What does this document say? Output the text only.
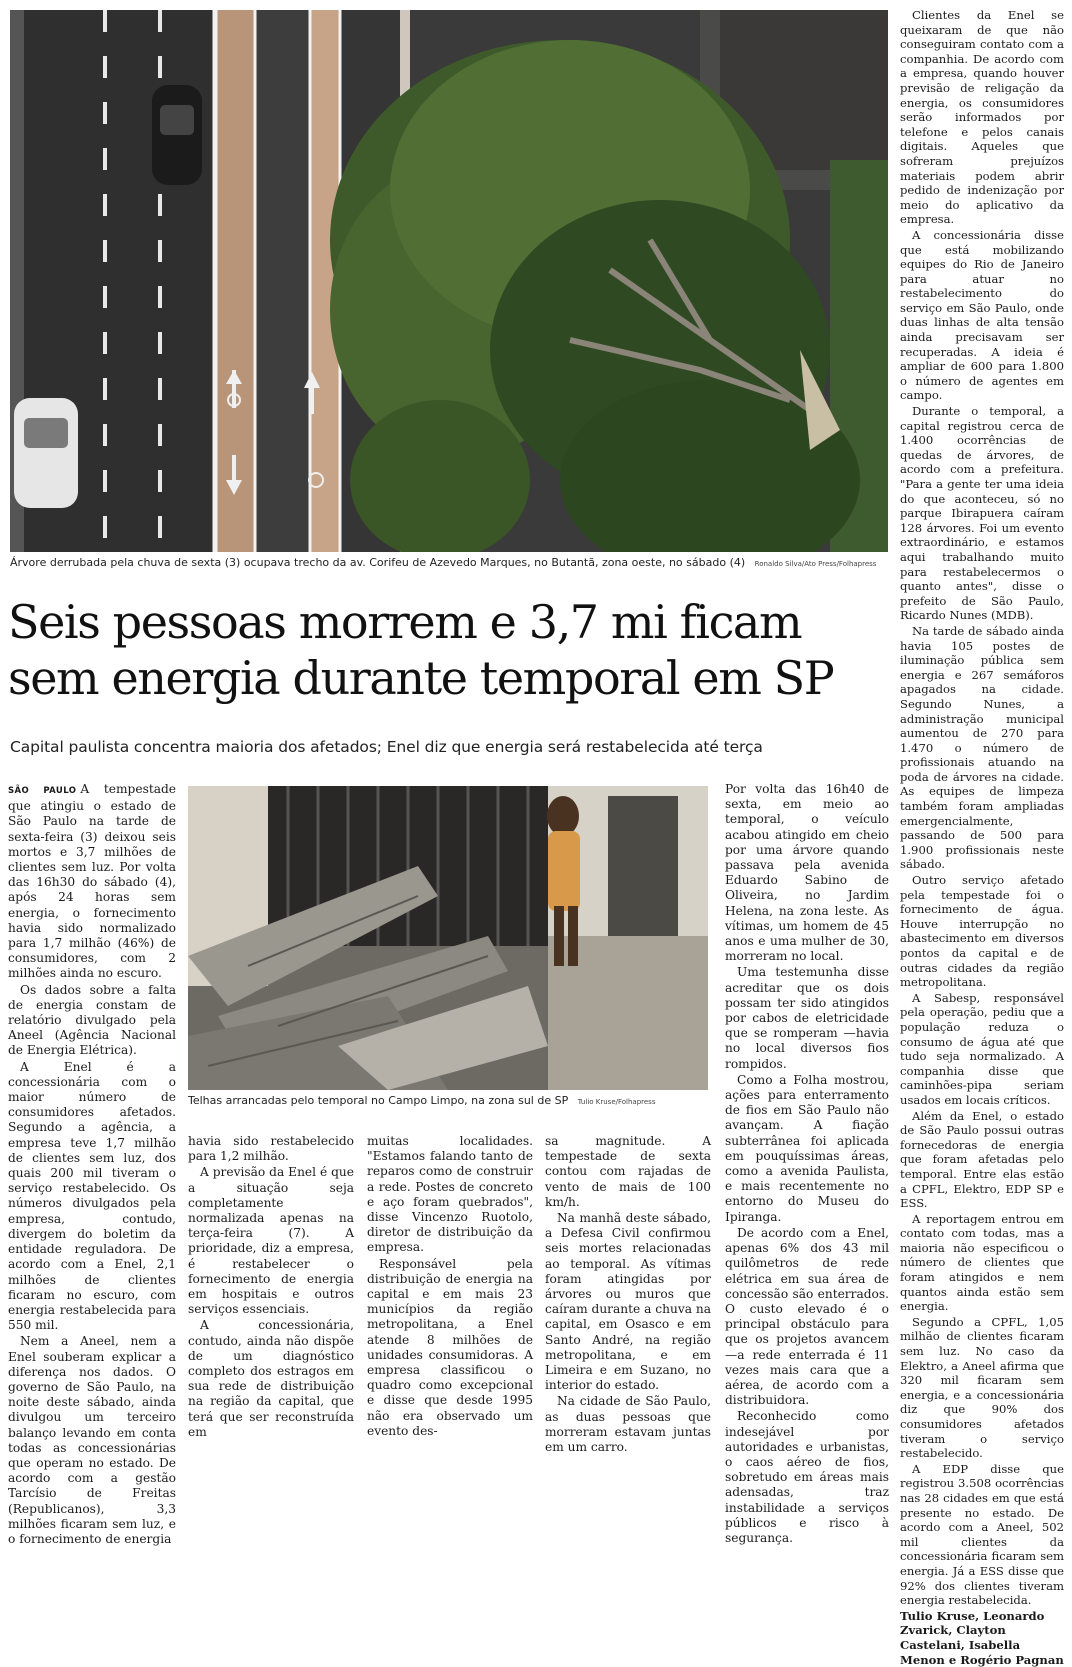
Árvore derrubada pela chuva de sexta (3) ocupava trecho da av. Corifeu de Azevedo Marques, no Butantã, zona oeste, no sábado (4) Ronaldo Silva/Ato Press/Folhapress

Clientes da Enel se queixaram de que não conseguiram contato com a companhia. De acordo com a empresa, quando houver previsão de religação da energia, os consumidores serão informados por telefone e pelos canais digitais. Aqueles que sofreram prejuízos materiais podem abrir pedido de indenização por meio do aplicativo da empresa.

A concessionária disse que está mobilizando equipes do Rio de Janeiro para atuar no restabelecimento do serviço em São Paulo, onde duas linhas de alta tensão ainda precisavam ser recuperadas. A ideia é ampliar de 600 para 1.800 o número de agentes em campo.

Durante o temporal, a capital registrou cerca de 1.400 ocorrências de quedas de árvores, de acordo com a prefeitura. "Para a gente ter uma ideia do que aconteceu, só no parque Ibirapuera caíram 128 árvores. Foi um evento extraordinário, e estamos aqui trabalhando muito para restabelecermos o quanto antes", disse o prefeito de São Paulo, Ricardo Nunes (MDB).

Na tarde de sábado ainda havia 105 postes de iluminação pública sem energia e 267 semáforos apagados na cidade. Segundo Nunes, a administração municipal aumentou de 270 para 1.470 o número de profissionais atuando na poda de árvores na cidade. As equipes de limpeza também foram ampliadas emergencialmente, passando de 500 para 1.900 profissionais neste sábado.

Outro serviço afetado pela tempestade foi o fornecimento de água. Houve interrupção no abastecimento em diversos pontos da capital e de outras cidades da região metropolitana.

A Sabesp, responsável pela operação, pediu que a população reduza o consumo de água até que tudo seja normalizado. A companhia disse que caminhões-pipa seriam usados em locais críticos.

Além da Enel, o estado de São Paulo possui outras fornecedoras de energia que foram afetadas pelo temporal. Entre elas estão a CPFL, Elektro, EDP SP e ESS.

A reportagem entrou em contato com todas, mas a maioria não especificou o número de clientes que foram atingidos e nem quantos ainda estão sem energia.

Segundo a CPFL, 1,05 milhão de clientes ficaram sem luz. No caso da Elektro, a Aneel afirma que 320 mil ficaram sem energia, e a concessionária diz que 90% dos consumidores afetados tiveram o serviço restabelecido.

A EDP disse que registrou 3.508 ocorrências nas 28 cidades em que está presente no estado. De acordo com a Aneel, 502 mil clientes da concessionária ficaram sem energia. Já a ESS disse que 92% dos clientes tiveram energia restabelecida.

Tulio Kruse, Leonardo Zvarick, Clayton Castelani, Isabella Menon e Rogério Pagnan

Seis pessoas morrem e 3,7 mi ficam
sem energia durante temporal em SP
Capital paulista concentra maioria dos afetados; Enel diz que energia será restabelecida até terça

SÃO PAULO A tempestade que atingiu o estado de São Paulo na tarde de sexta-feira (3) deixou seis mortos e 3,7 milhões de clientes sem luz. Por volta das 16h30 do sábado (4), após 24 horas sem energia, o fornecimento havia sido normalizado para 1,7 milhão (46%) de consumidores, com 2 milhões ainda no escuro.

Os dados sobre a falta de energia constam de relatório divulgado pela Aneel (Agência Nacional de Energia Elétrica).

A Enel é a concessionária com o maior número de consumidores afetados. Segundo a agência, a empresa teve 1,7 milhão de clientes sem luz, dos quais 200 mil tiveram o serviço restabelecido. Os números divulgados pela empresa, contudo, divergem do boletim da entidade reguladora. De acordo com a Enel, 2,1 milhões de clientes ficaram no escuro, com energia restabelecida para 550 mil.

Nem a Aneel, nem a Enel souberam explicar a diferença nos dados. O governo de São Paulo, na noite deste sábado, ainda divulgou um terceiro balanço levando em conta todas as concessionárias que operam no estado. De acordo com a gestão Tarcísio de Freitas (Republicanos), 3,3 milhões ficaram sem luz, e o fornecimento de energia

Telhas arrancadas pelo temporal no Campo Limpo, na zona sul de SP Tulio Kruse/Folhapress

havia sido restabelecido para 1,2 milhão.

A previsão da Enel é que a situação seja completamente normalizada apenas na terça-feira (7). A prioridade, diz a empresa, é restabelecer o fornecimento de energia em hospitais e outros serviços essenciais.

A concessionária, contudo, ainda não dispõe de um diagnóstico completo dos estragos em sua rede de distribuição na região da capital, que terá que ser reconstruída em

muitas localidades. "Estamos falando tanto de reparos como de construir a rede. Postes de concreto e aço foram quebrados", disse Vincenzo Ruotolo, diretor de distribuição da empresa.

Responsável pela distribuição de energia na capital e em mais 23 municípios da região metropolitana, a Enel atende 8 milhões de unidades consumidoras. A empresa classificou o quadro como excepcional e disse que desde 1995 não era observado um evento des-

sa magnitude. A tempestade de sexta contou com rajadas de vento de mais de 100 km/h.

Na manhã deste sábado, a Defesa Civil confirmou seis mortes relacionadas ao temporal. As vítimas foram atingidas por árvores ou muros que caíram durante a chuva na capital, em Osasco e em Santo André, na região metropolitana, e em Limeira e em Suzano, no interior do estado.

Na cidade de São Paulo, as duas pessoas que morreram estavam juntas em um carro.

Por volta das 16h40 de sexta, em meio ao temporal, o veículo acabou atingido em cheio por uma árvore quando passava pela avenida Eduardo Sabino de Oliveira, no Jardim Helena, na zona leste. As vítimas, um homem de 45 anos e uma mulher de 30, morreram no local.

Uma testemunha disse acreditar que os dois possam ter sido atingidos por cabos de eletricidade que se romperam —havia no local diversos fios rompidos.

Como a Folha mostrou, ações para enterramento de fios em São Paulo não avançam. A fiação subterrânea foi aplicada em pouquíssimas áreas, como a avenida Paulista, e mais recentemente no entorno do Museu do Ipiranga.

De acordo com a Enel, apenas 6% dos 43 mil quilômetros de rede elétrica em sua área de concessão são enterrados. O custo elevado é o principal obstáculo para que os projetos avancem —a rede enterrada é 11 vezes mais cara que a aérea, de acordo com a distribuidora.

Reconhecido como indesejável por autoridades e urbanistas, o caos aéreo de fios, sobretudo em áreas mais adensadas, traz instabilidade a serviços públicos e risco à segurança.
